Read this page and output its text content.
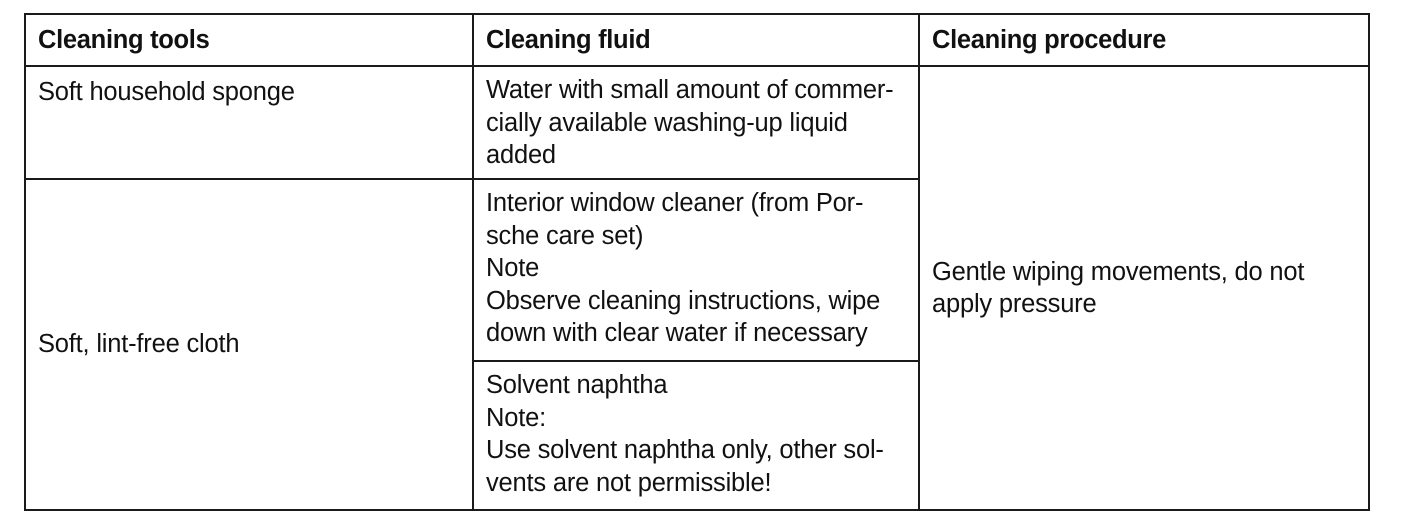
Cleaning tools	Cleaning fluid	Cleaning procedure
Soft household sponge	Water with small amount of commer-
cially available washing-up liquid
added	Gentle wiping movements, do not
apply pressure

Soft, lint-free cloth	Interior window cleaner (from Por-
sche care set)
Note
Observe cleaning instructions, wipe
down with clear water if necessary	

	Solvent naphtha
Note:
Use solvent naphtha only, other sol-
vents are not permissible!	
